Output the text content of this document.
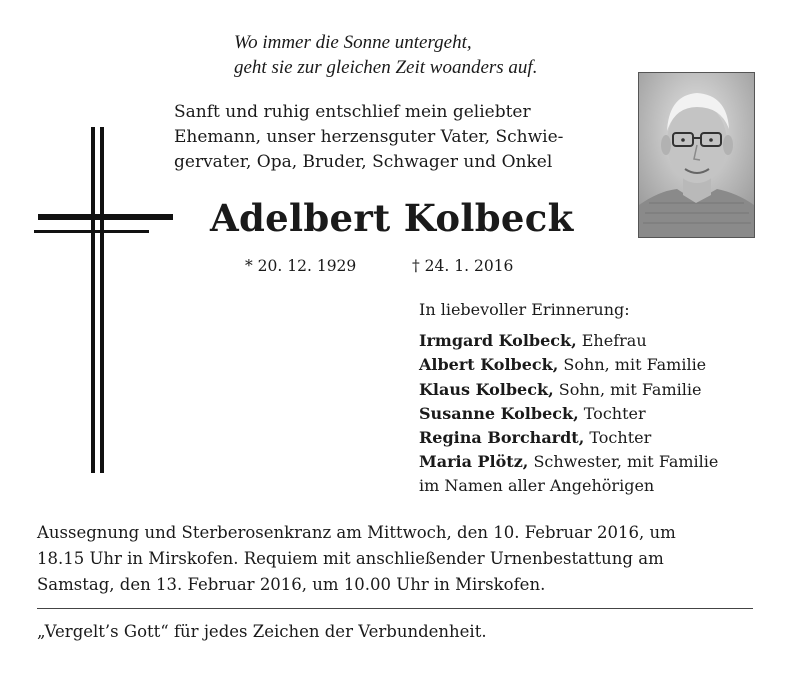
Wo immer die Sonne untergeht,
geht sie zur gleichen Zeit woanders auf.
Sanft und ruhig entschlief mein geliebter
Ehemann, unser herzensguter Vater, Schwie-
gervater, Opa, Bruder, Schwager und Onkel
Adelbert Kolbeck
* 20. 12. 1929	† 24. 1. 2016
In liebevoller Erinnerung:
Irmgard Kolbeck, Ehefrau
Albert Kolbeck, Sohn, mit Familie
Klaus Kolbeck, Sohn, mit Familie
Susanne Kolbeck, Tochter
Regina Borchardt, Tochter
Maria Plötz, Schwester, mit Familie
im Namen aller Angehörigen
Aussegnung und Sterberosenkranz am Mittwoch, den 10. Februar 2016, um
18.15 Uhr in Mirskofen. Requiem mit anschließender Urnenbestattung am
Samstag, den 13. Februar 2016, um 10.00 Uhr in Mirskofen.
„Vergelt’s Gott“ für jedes Zeichen der Verbundenheit.
